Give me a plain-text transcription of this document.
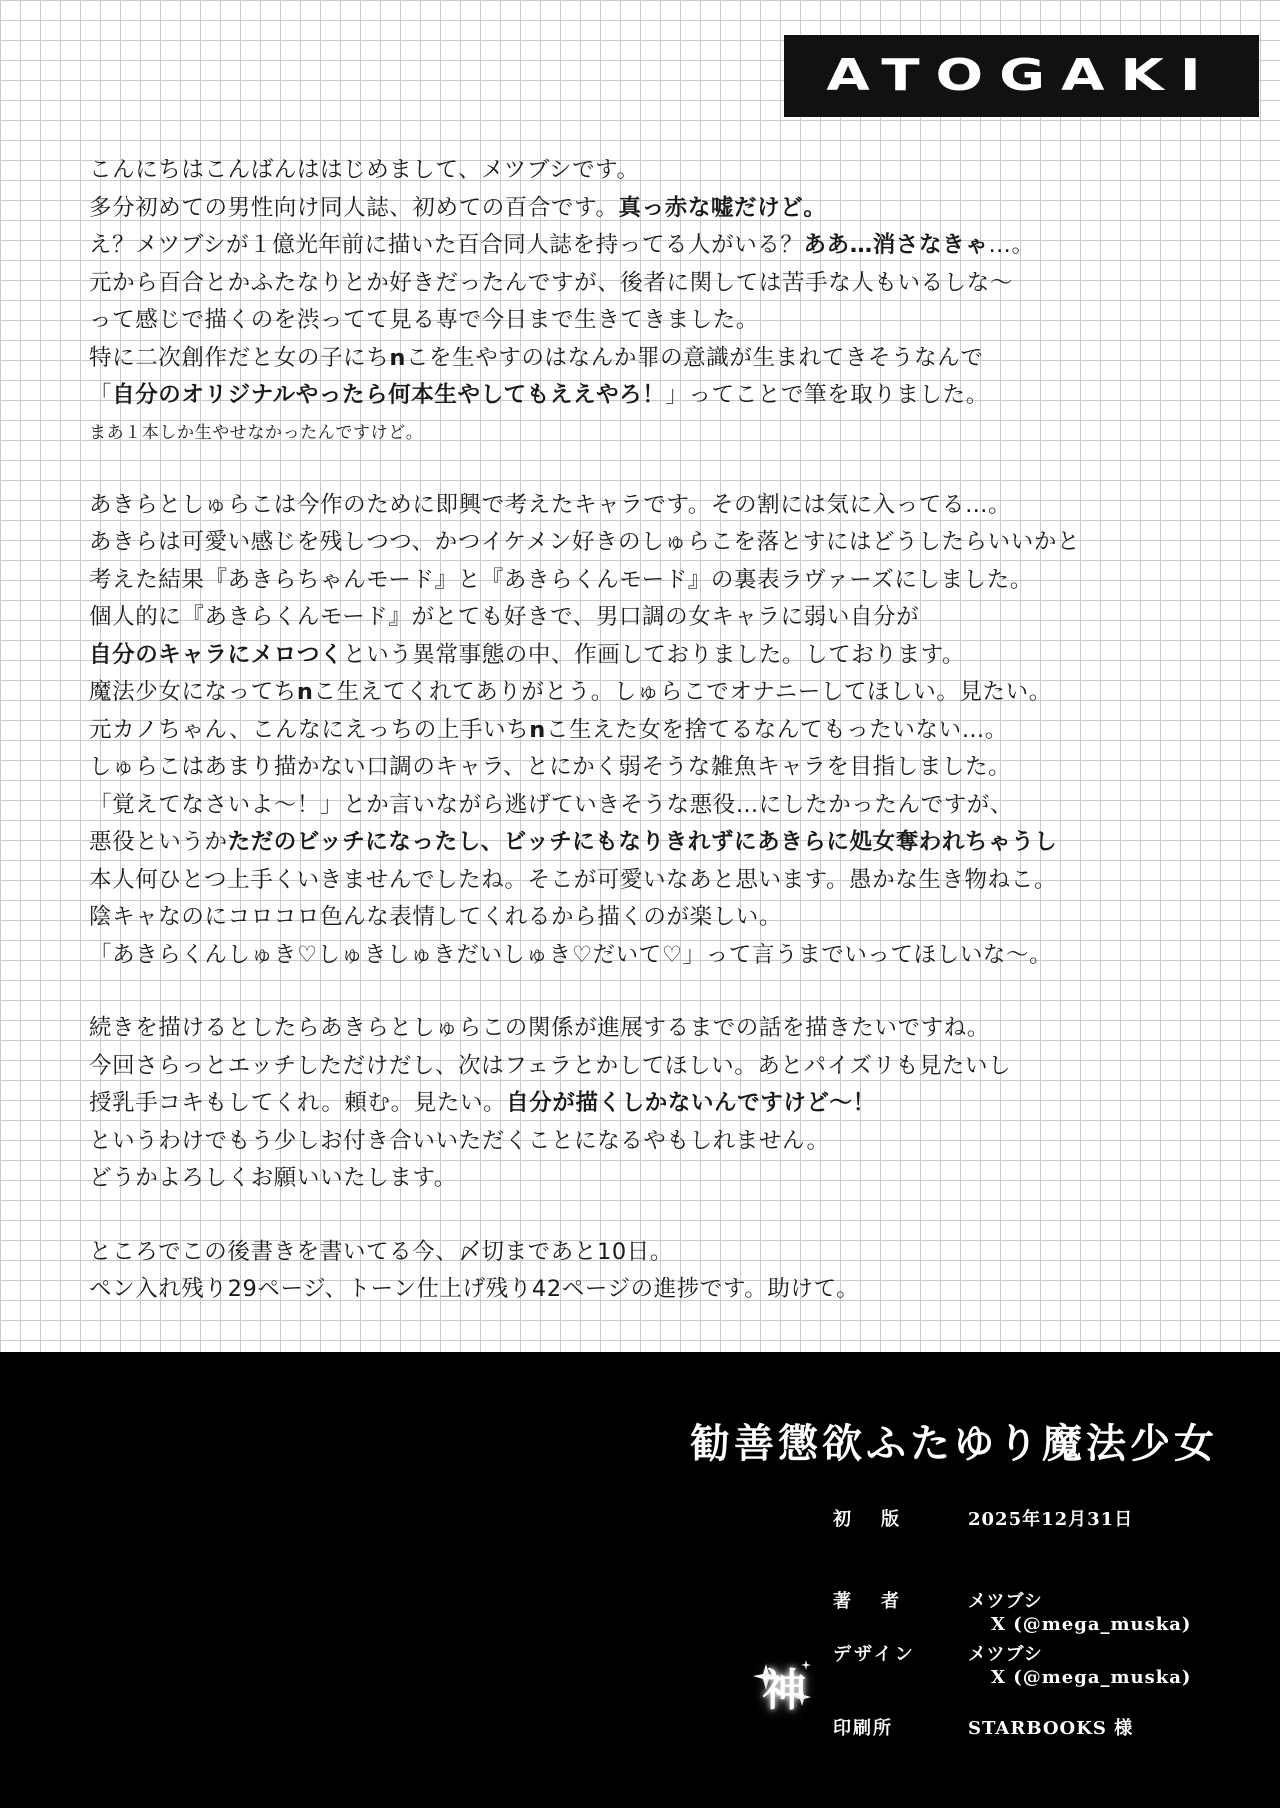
ATOGAKI
こんにちはこんばんははじめまして、メツブシです。
多分初めての男性向け同人誌、初めての百合です。真っ赤な嘘だけど。
え？メツブシが１億光年前に描いた百合同人誌を持ってる人がいる？ああ…消さなきゃ…。
元から百合とかふたなりとか好きだったんですが、後者に関しては苦手な人もいるしな〜
って感じで描くのを渋ってて見る専で今日まで生きてきました。
特に二次創作だと女の子にちnこを生やすのはなんか罪の意識が生まれてきそうなんで
「自分のオリジナルやったら何本生やしてもええやろ！」ってことで筆を取りました。
まあ１本しか生やせなかったんですけど。
あきらとしゅらこは今作のために即興で考えたキャラです。その割には気に入ってる…。
あきらは可愛い感じを残しつつ、かつイケメン好きのしゅらこを落とすにはどうしたらいいかと
考えた結果『あきらちゃんモード』と『あきらくんモード』の裏表ラヴァーズにしました。
個人的に『あきらくんモード』がとても好きで、男口調の女キャラに弱い自分が
自分のキャラにメロつくという異常事態の中、作画しておりました。しております。
魔法少女になってちnこ生えてくれてありがとう。しゅらこでオナニーしてほしい。見たい。
元カノちゃん、こんなにえっちの上手いちnこ生えた女を捨てるなんてもったいない…。
しゅらこはあまり描かない口調のキャラ、とにかく弱そうな雑魚キャラを目指しました。
「覚えてなさいよ〜！」とか言いながら逃げていきそうな悪役…にしたかったんですが、
悪役というかただのビッチになったし、ビッチにもなりきれずにあきらに処女奪われちゃうし
本人何ひとつ上手くいきませんでしたね。そこが可愛いなあと思います。愚かな生き物ねこ。
陰キャなのにコロコロ色んな表情してくれるから描くのが楽しい。
「あきらくんしゅき♡しゅきしゅきだいしゅき♡だいて♡」って言うまでいってほしいな〜。
続きを描けるとしたらあきらとしゅらこの関係が進展するまでの話を描きたいですね。
今回さらっとエッチしただけだし、次はフェラとかしてほしい。あとパイズリも見たいし
授乳手コキもしてくれ。頼む。見たい。自分が描くしかないんですけど〜！
というわけでもう少しお付き合いいただくことになるやもしれません。
どうかよろしくお願いいたします。
ところでこの後書きを書いてる今、〆切まであと10日。
ペン入れ残り29ページ、トーン仕上げ残り42ページの進捗です。助けて。
勧善懲欲ふたゆり魔法少女
初　版	2025年12月31日
著　者	メツブシ
X (@mega_muska)
デザイン	メツブシ
X (@mega_muska)
印刷所	STARBOOKS 様
神
